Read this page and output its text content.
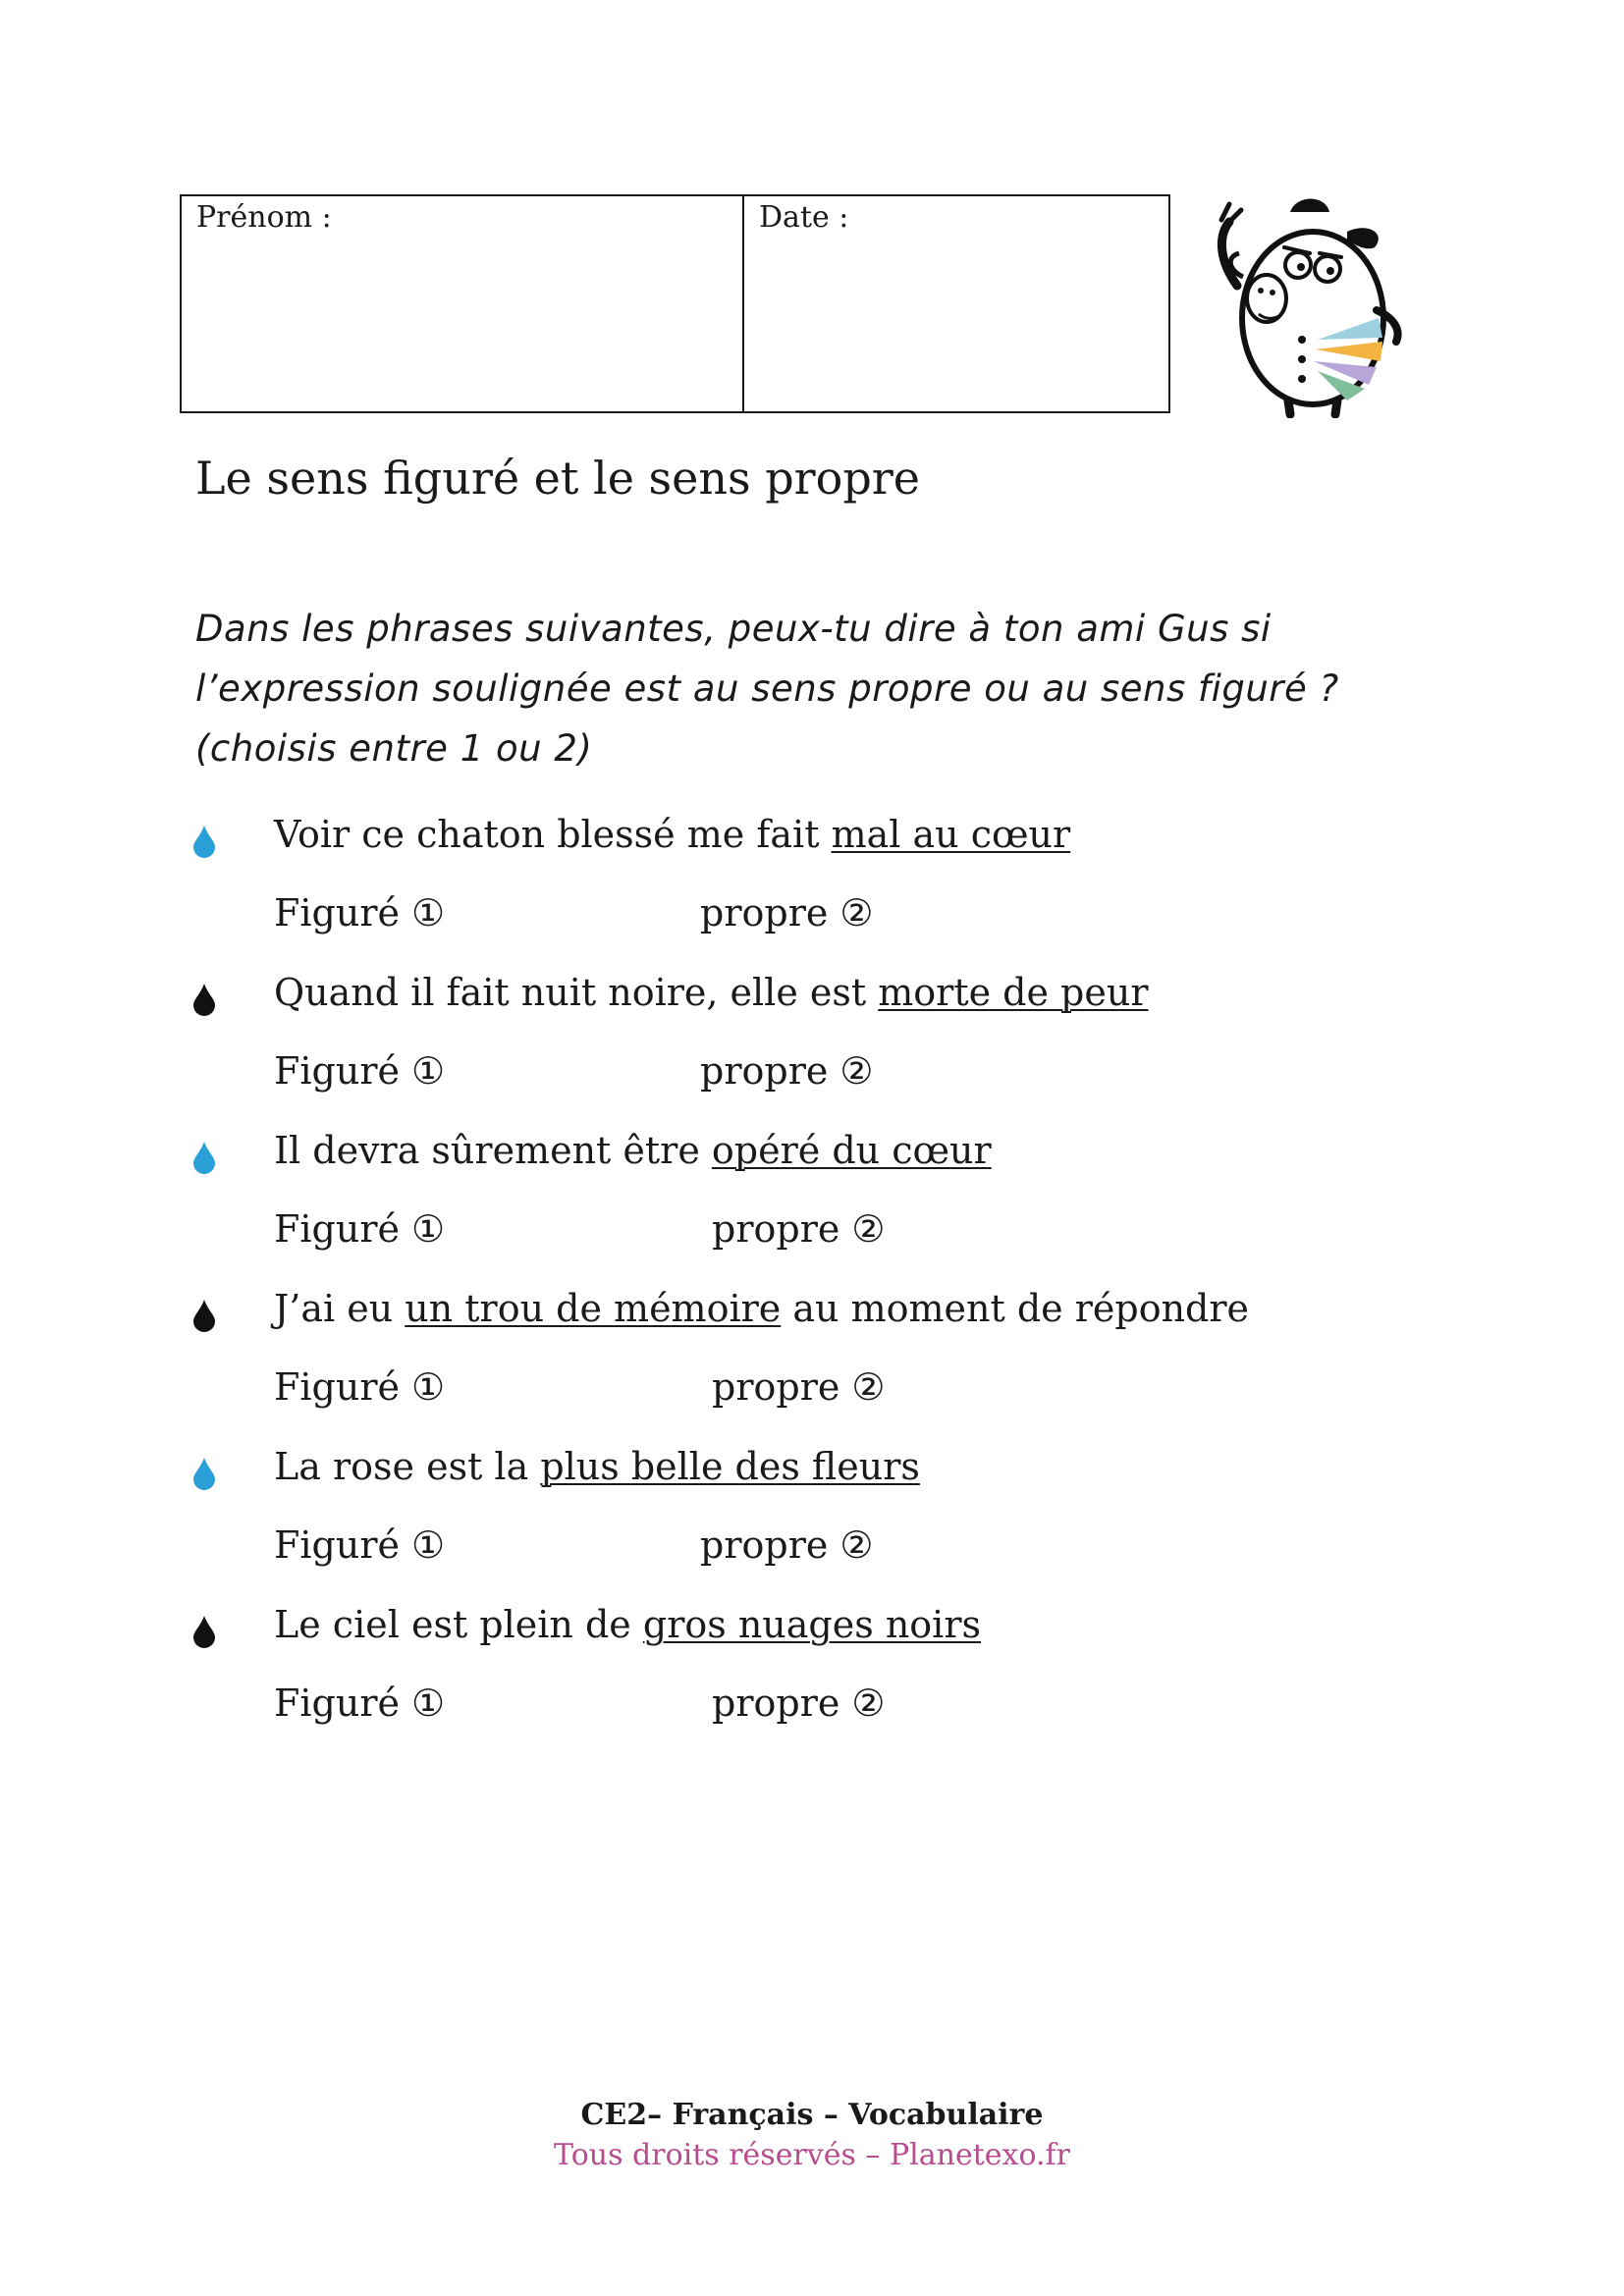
Prénom :	Date :
Le sens figuré et le sens propre
Dans les phrases suivantes, peux-tu dire à ton ami Gus si
l’expression soulignée est au sens propre ou au sens figuré ?
(choisis entre 1 ou 2)
Voir ce chaton blessé me fait mal au cœur
Figuré ①	propre ②
Quand il fait nuit noire, elle est morte de peur
Figuré ①	propre ②
Il devra sûrement être opéré du cœur
Figuré ①	propre ②
J’ai eu un trou de mémoire au moment de répondre
Figuré ①	propre ②
La rose est la plus belle des fleurs
Figuré ①	propre ②
Le ciel est plein de gros nuages noirs
Figuré ①	propre ②
CE2– Français – Vocabulaire
Tous droits réservés – Planetexo.fr
